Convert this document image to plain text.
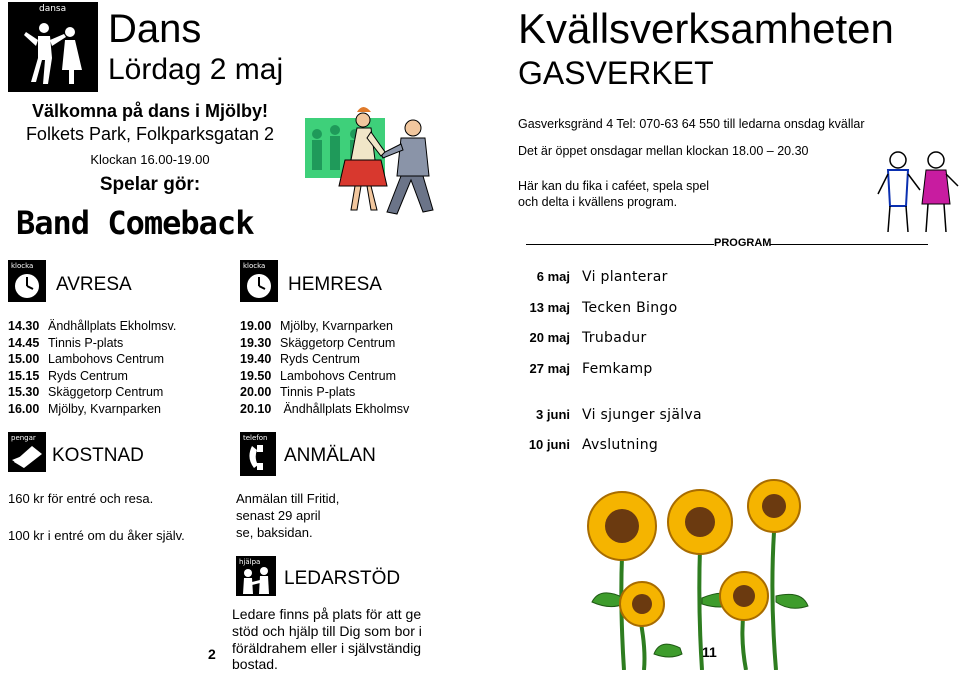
dansa Dans
Lördag 2 maj
Välkomna på dans i Mjölby!
Folkets Park, Folkparksgatan 2
Klockan 16.00-19.00
Spelar gör:
Band Comeback
klocka
AVRESA
14.30 Ändhållplats Ekholmsv.
14.45 Tinnis P-plats
15.00 Lambohovs Centrum
15.15 Ryds Centrum
15.30 Skäggetorp Centrum
16.00 Mjölby, Kvarnparken
klocka
HEMRESA
19.00 Mjölby, Kvarnparken
19.30 Skäggetorp Centrum
19.40 Ryds Centrum
19.50 Lambohovs Centrum
20.00 Tinnis P-plats
20.10 Ändhållplats Ekholmsv
pengar
KOSTNAD
160 kr för entré och resa.
100 kr i entré om du åker själv.
telefon
ANMÄLAN
Anmälan till Fritid,
senast 29 april
se, baksidan.
hjälpa
LEDARSTÖD
Ledare finns på plats för att ge
stöd och hjälp till Dig som bor i
föräldrahem eller i självständig
bostad.
2
Kvällsverksamheten
GASVERKET
Gasverksgränd 4 Tel: 070-63 64 550 till ledarna onsdag kvällar
Det är öppet onsdagar mellan klockan 18.00 – 20.30
Här kan du fika i caféet, spela spel
och delta i kvällens program.
PROGRAM
6 maj Vi planterar
13 maj Tecken Bingo
20 maj Trubadur
27 maj Femkamp
3 juni Vi sjunger själva
10 juni Avslutning
11
